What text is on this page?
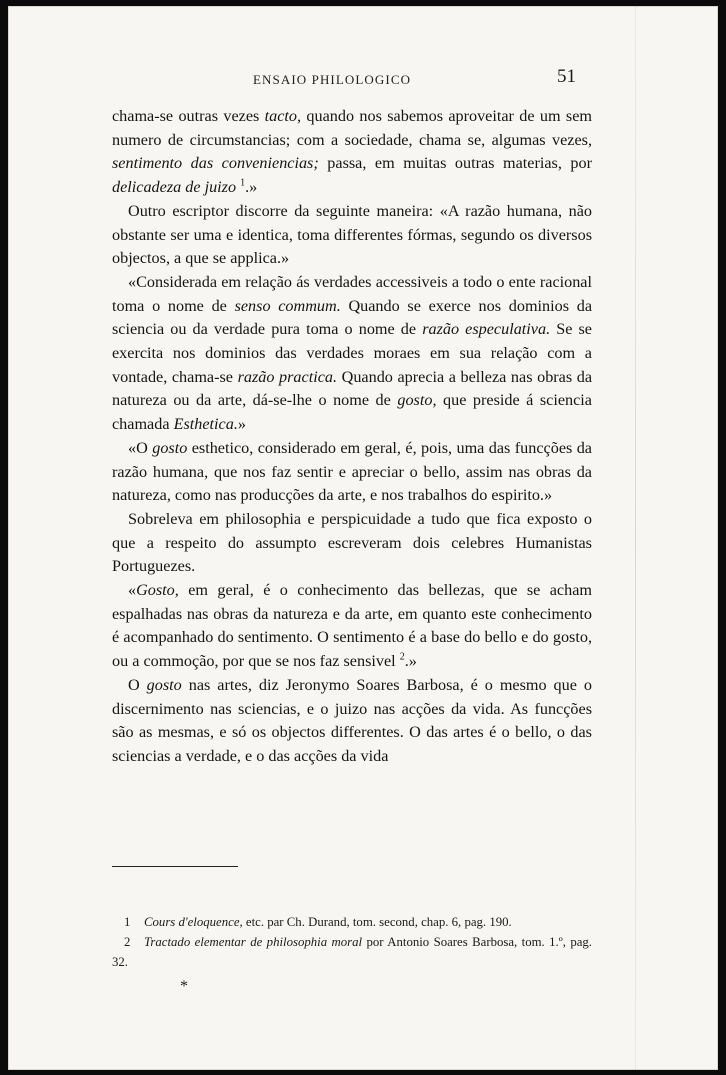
ENSAIO PHILOLOGICO	51

chama-se outras vezes tacto, quando nos sabemos aproveitar de um sem numero de circumstancias; com a sociedade, chama se, algumas vezes, sentimento das conveniencias; passa, em muitas outras materias, por delicadeza de juizo $^1$.»

Outro escriptor discorre da seguinte maneira: «A razão humana, não obstante ser uma e identica, toma differentes fórmas, segundo os diversos objectos, a que se applica.»

«Considerada em relação ás verdades accessiveis a todo o ente racional toma o nome de senso commum. Quando se exerce nos dominios da sciencia ou da verdade pura toma o nome de razão especulativa. Se se exercita nos dominios das verdades moraes em sua relação com a vontade, chama-se razão practica. Quando aprecia a belleza nas obras da natureza ou da arte, dá-se-lhe o nome de gosto, que preside á sciencia chamada Esthetica.»

«O gosto esthetico, considerado em geral, é, pois, uma das funcções da razão humana, que nos faz sentir e apreciar o bello, assim nas obras da natureza, como nas producções da arte, e nos trabalhos do espirito.»

Sobreleva em philosophia e perspicuidade a tudo que fica exposto o que a respeito do assumpto escreveram dois celebres Humanistas Portuguezes.

«Gosto, em geral, é o conhecimento das bellezas, que se acham espalhadas nas obras da natureza e da arte, em quanto este conhecimento é acompanhado do sentimento. O sentimento é a base do bello e do gosto, ou a commoção, por que se nos faz sensivel $^2$.»

O gosto nas artes, diz Jeronymo Soares Barbosa, é o mesmo que o discernimento nas sciencias, e o juizo nas acções da vida. As funcções são as mesmas, e só os objectos differentes. O das artes é o bello, o das sciencias a verdade, e o das acções da vida

1 Cours d'eloquence, etc. par Ch. Durand, tom. second, chap. 6, pag. 190.

2 Tractado elementar de philosophia moral por Antonio Soares Barbosa, tom. 1.º, pag. 32.

*
